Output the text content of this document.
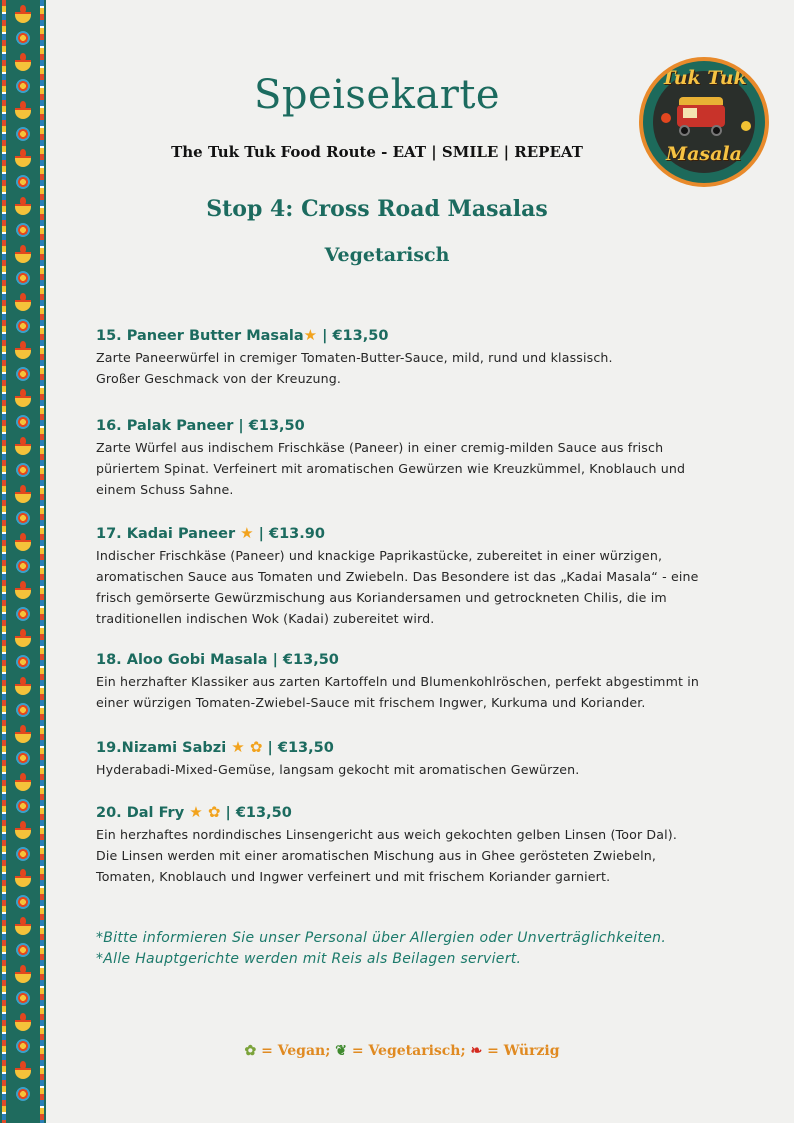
Speisekarte
The Tuk Tuk Food Route - EAT | SMILE | REPEAT
Stop 4: Cross Road Masalas
Vegetarisch
Tuk Tuk
Masala

15. Paneer Butter Masala★ | €13,50

Zarte Paneerwürfel in cremiger Tomaten-Butter-Sauce, mild, rund und klassisch.
Großer Geschmack von der Kreuzung.

16. Palak Paneer | €13,50

Zarte Würfel aus indischem Frischkäse (Paneer) in einer cremig-milden Sauce aus frisch
püriertem Spinat. Verfeinert mit aromatischen Gewürzen wie Kreuzkümmel, Knoblauch und
einem Schuss Sahne.

17. Kadai Paneer ★ | €13.90

Indischer Frischkäse (Paneer) und knackige Paprikastücke, zubereitet in einer würzigen,
aromatischen Sauce aus Tomaten und Zwiebeln. Das Besondere ist das „Kadai Masala“ - eine
frisch gemörserte Gewürzmischung aus Koriandersamen und getrockneten Chilis, die im
traditionellen indischen Wok (Kadai) zubereitet wird.

18. Aloo Gobi Masala | €13,50

Ein herzhafter Klassiker aus zarten Kartoffeln und Blumenkohlröschen, perfekt abgestimmt in
einer würzigen Tomaten-Zwiebel-Sauce mit frischem Ingwer, Kurkuma und Koriander.

19.Nizami Sabzi ★ ✿ | €13,50

Hyderabadi-Mixed-Gemüse, langsam gekocht mit aromatischen Gewürzen.

20. Dal Fry ★ ✿ | €13,50

Ein herzhaftes nordindisches Linsengericht aus weich gekochten gelben Linsen (Toor Dal).
Die Linsen werden mit einer aromatischen Mischung aus in Ghee gerösteten Zwiebeln,
Tomaten, Knoblauch und Ingwer verfeinert und mit frischem Koriander garniert.

*Bitte informieren Sie unser Personal über Allergien oder Unverträglichkeiten.
*Alle Hauptgerichte werden mit Reis als Beilagen serviert.
✿ = Vegan; ❦ = Vegetarisch; ❧ = Würzig
